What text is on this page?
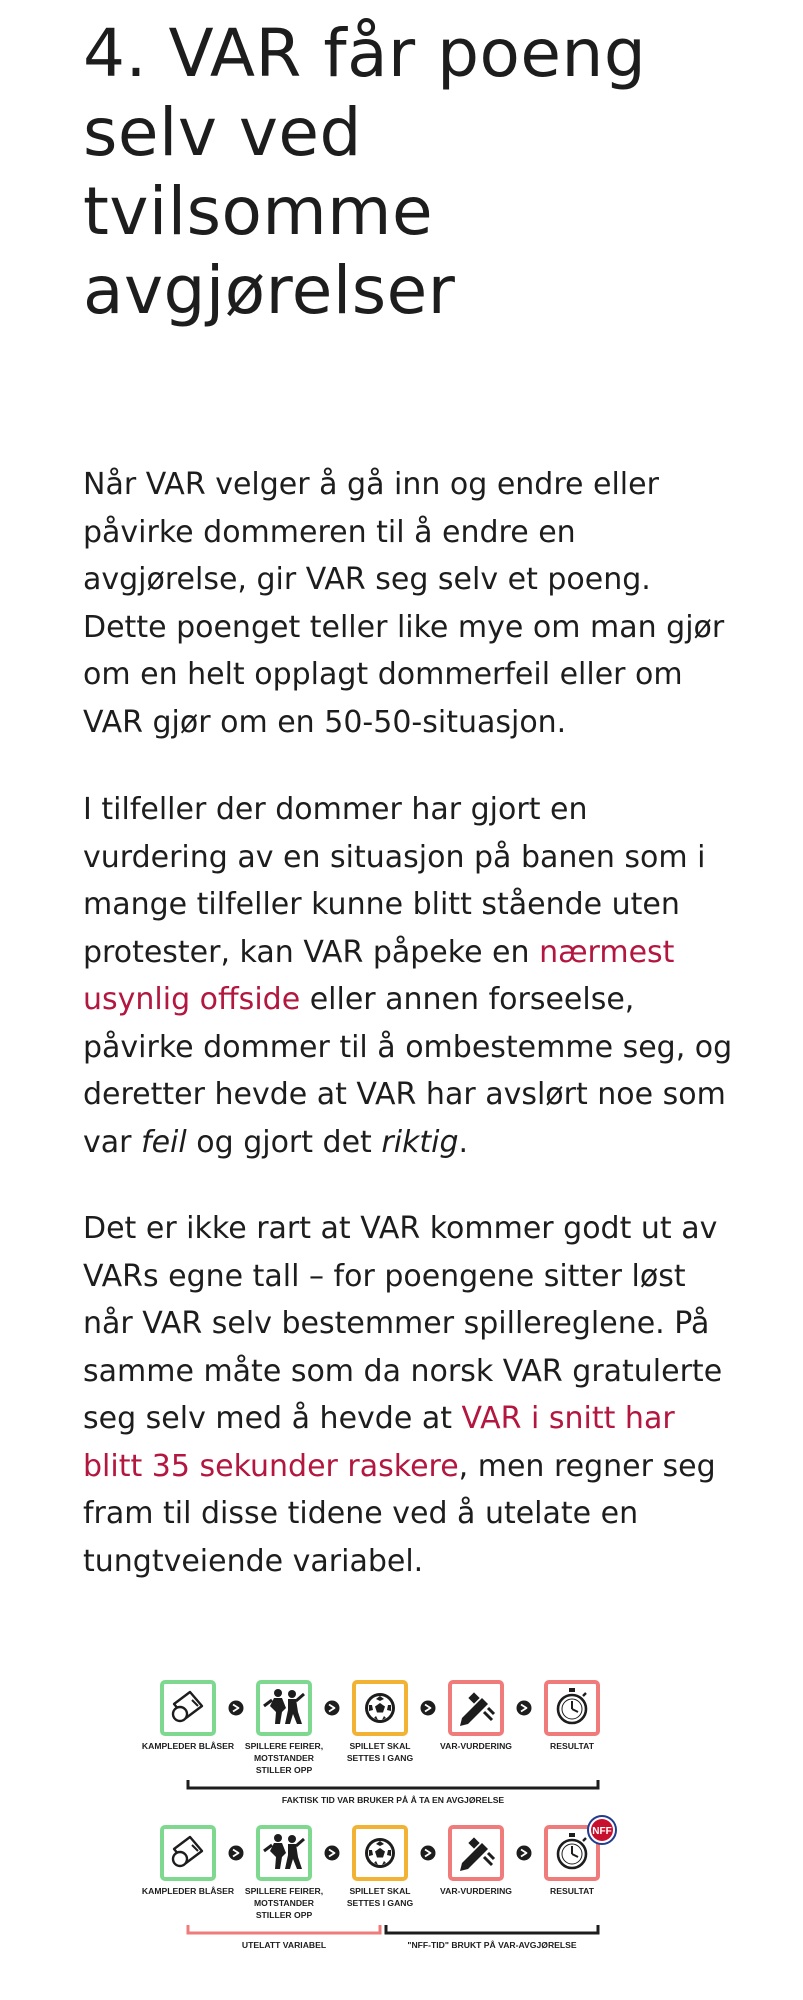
4. VAR får poeng selv ved tvilsomme avgjørelser

Når VAR velger å gå inn og endre eller påvirke dommeren til å endre en avgjørelse, gir VAR seg selv et poeng. Dette poenget teller like mye om man gjør om en helt opplagt dommerfeil eller om VAR gjør om en 50-50-situasjon.

I tilfeller der dommer har gjort en vurdering av en situasjon på banen som i mange tilfeller kunne blitt stående uten protester, kan VAR påpeke en nærmest usynlig offside eller annen forseelse, påvirke dommer til å ombestemme seg, og deretter hevde at VAR har avslørt noe som var feil og gjort det riktig.

Det er ikke rart at VAR kommer godt ut av VARs egne tall – for poengene sitter løst når VAR selv bestemmer spillereglene. På samme måte som da norsk VAR gratulerte seg selv med å hevde at VAR i snitt har blitt 35 sekunder raskere, men regner seg fram til disse tidene ved å utelate en tungtveiende variabel.

KAMPLEDER BLÅSER SPILLERE FEIRER,
MOTSTANDER
STILLER OPP
SPILLET SKAL
SETTES I GANG
VAR-VURDERING	RESULTAT
FAKTISK TID VAR BRUKER PÅ Å TA EN AVGJØRELSE
NFF
KAMPLEDER BLÅSER SPILLERE FEIRER,
MOTSTANDER
STILLER OPP
SPILLET SKAL
SETTES I GANG
VAR-VURDERING	RESULTAT
UTELATT VARIABEL	"NFF-TID" BRUKT PÅ VAR-AVGJØRELSE
